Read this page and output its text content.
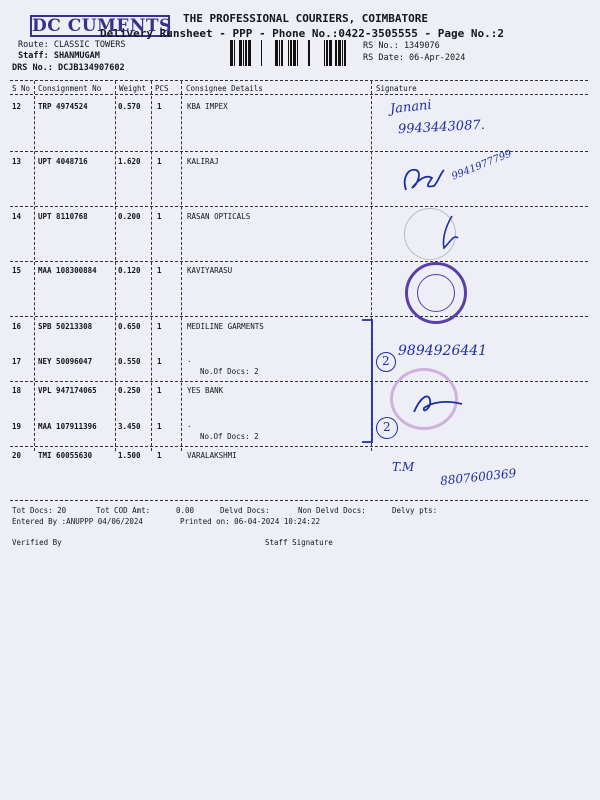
DC CUMENTS THE PROFESSIONAL COURIERS, COIMBATORE
Delivery Runsheet - PPP - Phone No.:0422-3505555 - Page No.:2
Route: CLASSIC TOWERS
Staff: SHANMUGAM
DRS No.: DCJB134907602
RS No.: 1349076
RS Date: 06-Apr-2024
S No Consignment No Weight PCS Consignee Details	Signature
12 TRP 4974524	0.570 1	KBA IMPEX
13 UPT 4048716	1.620 1	KALIRAJ
14 UPT 8110768	0.200 1	RASAN OPTICALS
15 MAA 108300884	0.120 1	KAVIYARASU
16 SPB 50213308	0.650 1	MEDILINE GARMENTS
17 NEY 50096047	0.550 1	.
No.Of Docs: 2
18 VPL 947174065	0.250 1	YES BANK
19 MAA 107911396	3.450 1	.
No.Of Docs: 2
20 TMI 60055630	1.500 1	VARALAKSHMI
Tot Docs: 20	Tot COD Amt:	0.00	Delvd Docs:	Non Delvd Docs:	Delvy pts:
Entered By :ANUPPP 04/06/2024	Printed on: 06-04-2024 10:24:22
Verified By	Staff Signature
Janani
9943443087.
9941977799
2
9894926441
2
T.M 8807600369
